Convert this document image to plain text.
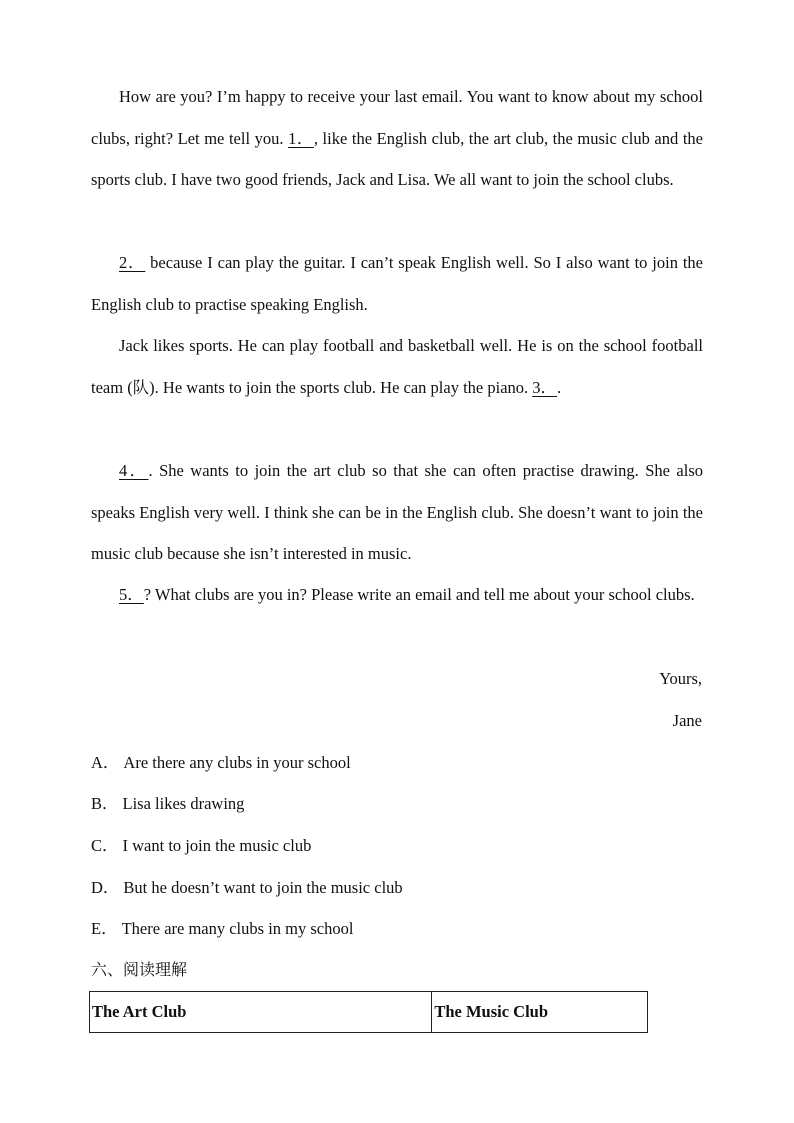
How are you? I’m happy to receive your last email. You want to know about my school clubs, right? Let me tell you. 1．, like the English club, the art club, the music club and the sports club. I have two good friends, Jack and Lisa. We all want to join the school clubs.

2． because I can play the guitar. I can’t speak English well. So I also want to join the English club to practise speaking English.

Jack likes sports. He can play football and basketball well. He is on the school football team (队). He wants to join the sports club. He can play the piano. 3．.

4．. She wants to join the art club so that she can often practise drawing. She also speaks English very well. I think she can be in the English club. She doesn’t want to join the music club because she isn’t interested in music.

5．? What clubs are you in? Please write an email and tell me about your school clubs.

Yours,

Jane

A． Are there any clubs in your school

B． Lisa likes drawing

C． I want to join the music club

D． But he doesn’t want to join the music club

E． There are many clubs in my school

六、阅读理解

The Art Club	The Music Club
